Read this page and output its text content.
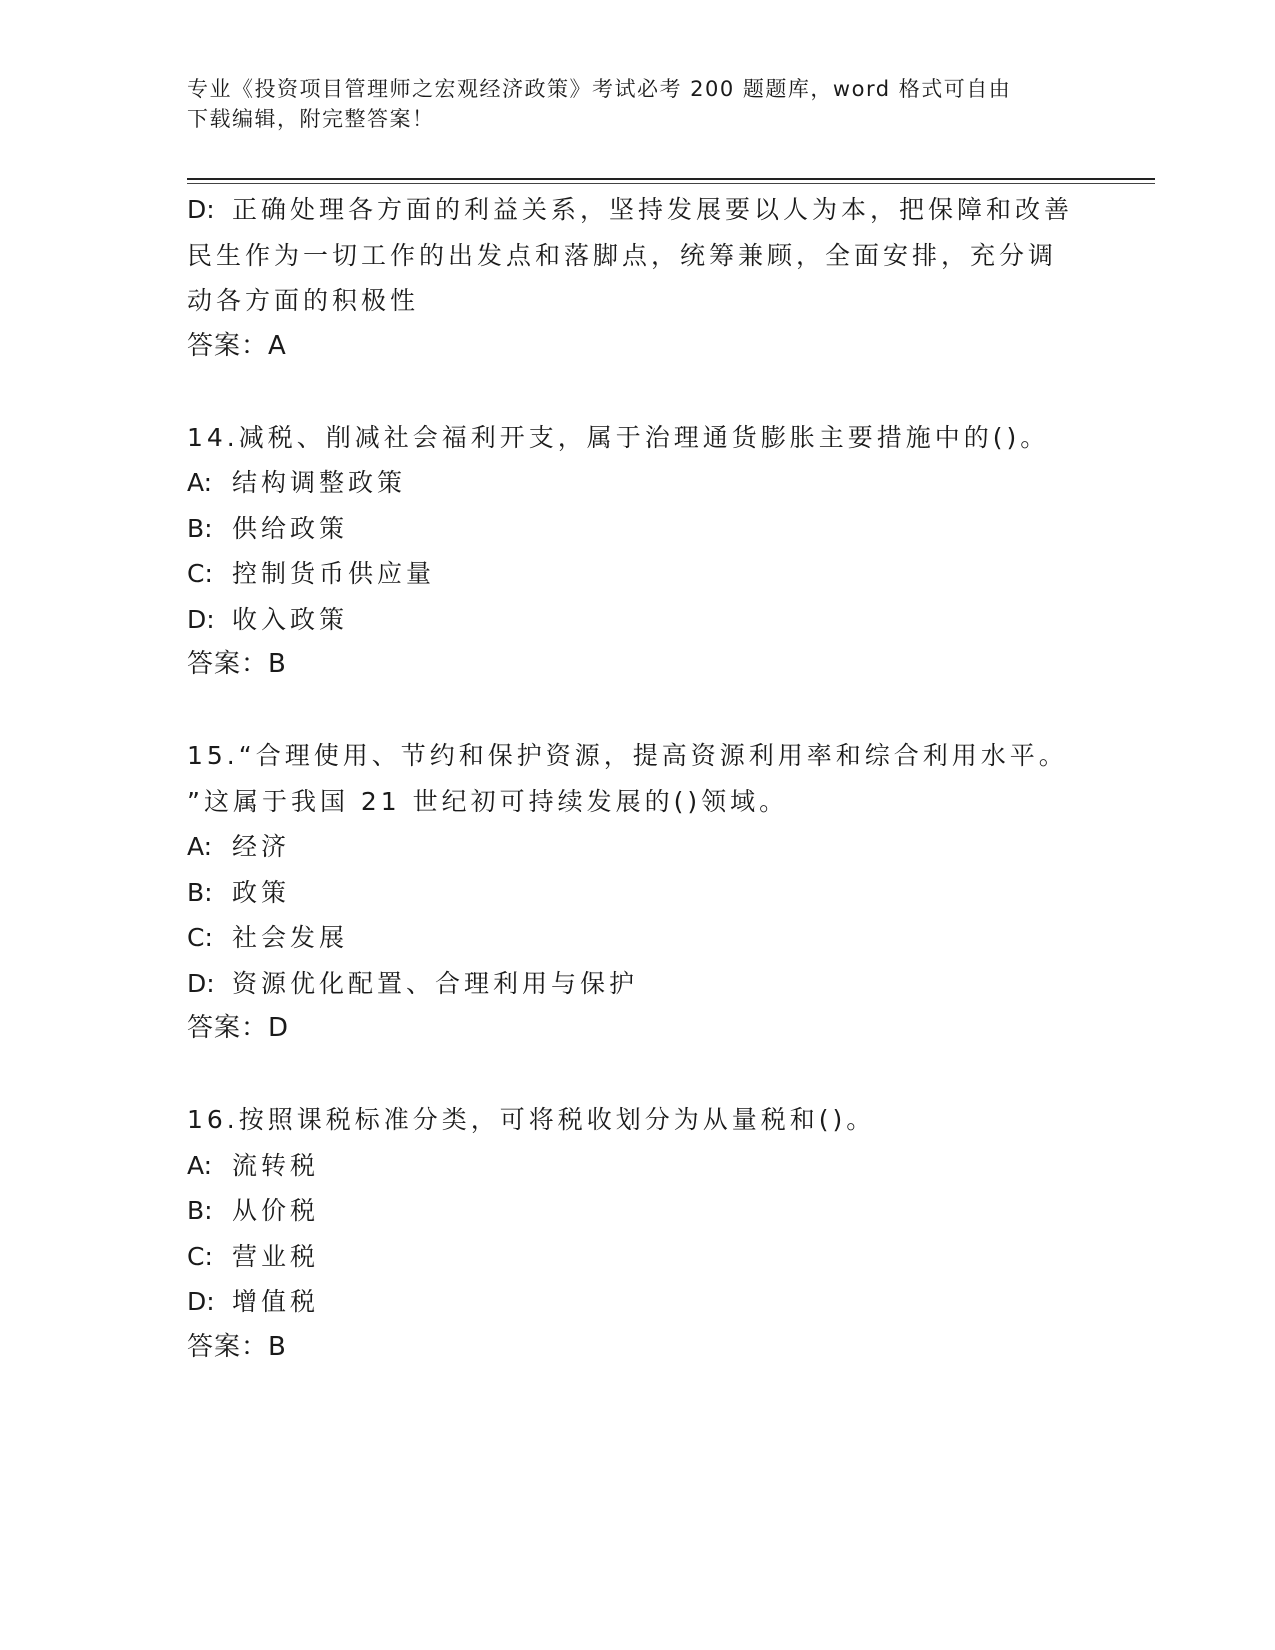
专业《投资项目管理师之宏观经济政策》考试必考 200 题题库，word 格式可自由
下载编辑，附完整答案！
D: 正确处理各方面的利益关系，坚持发展要以人为本，把保障和改善
民生作为一切工作的出发点和落脚点，统筹兼顾，全面安排，充分调
动各方面的积极性
答案：A
14.减税、削减社会福利开支，属于治理通货膨胀主要措施中的()。
A: 结构调整政策
B: 供给政策
C: 控制货币供应量
D: 收入政策
答案：B
15.“合理使用、节约和保护资源，提高资源利用率和综合利用水平。
”这属于我国 21 世纪初可持续发展的()领域。
A: 经济
B: 政策
C: 社会发展
D: 资源优化配置、合理利用与保护
答案：D
16.按照课税标准分类，可将税收划分为从量税和()。
A: 流转税
B: 从价税
C: 营业税
D: 增值税
答案：B
